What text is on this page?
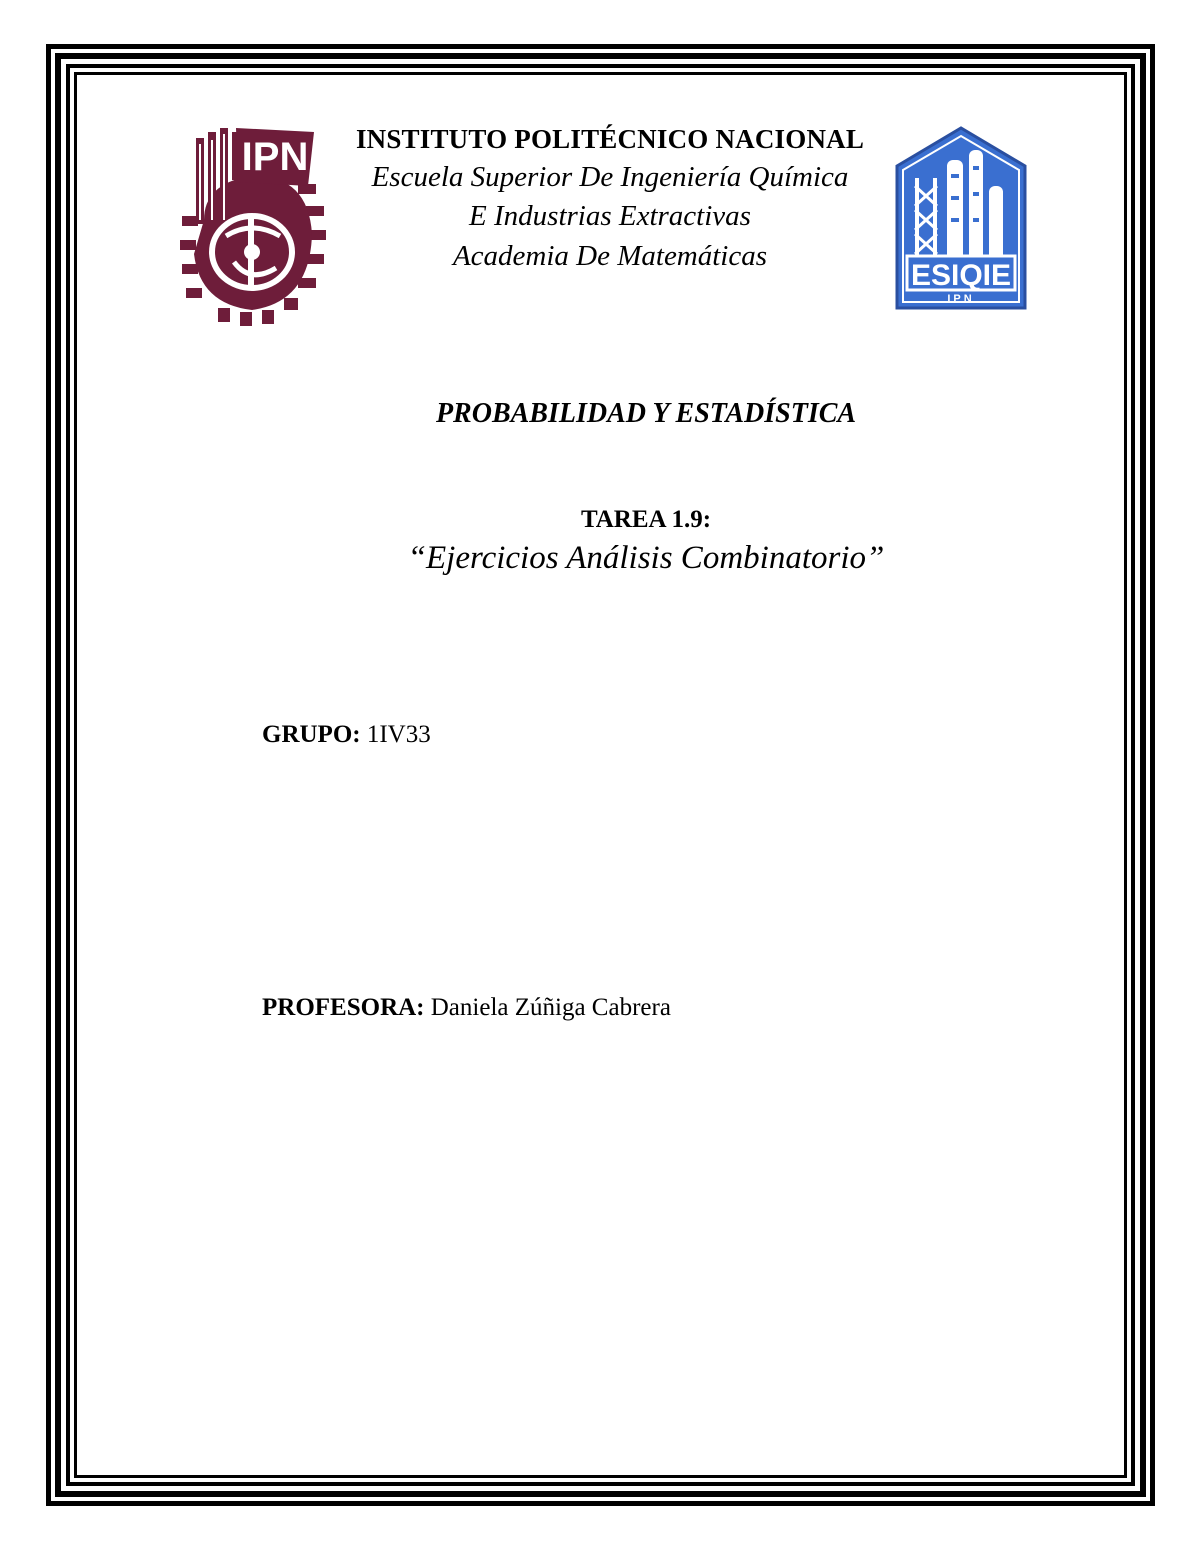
IPN
ESIQIE
IPN
INSTITUTO POLITÉCNICO NACIONAL
Escuela Superior De Ingeniería Química
E Industrias Extractivas
Academia De Matemáticas
PROBABILIDAD Y ESTADÍSTICA
TAREA 1.9:
“Ejercicios Análisis Combinatorio”
GRUPO: 1IV33
PROFESORA: Daniela Zúñiga Cabrera
